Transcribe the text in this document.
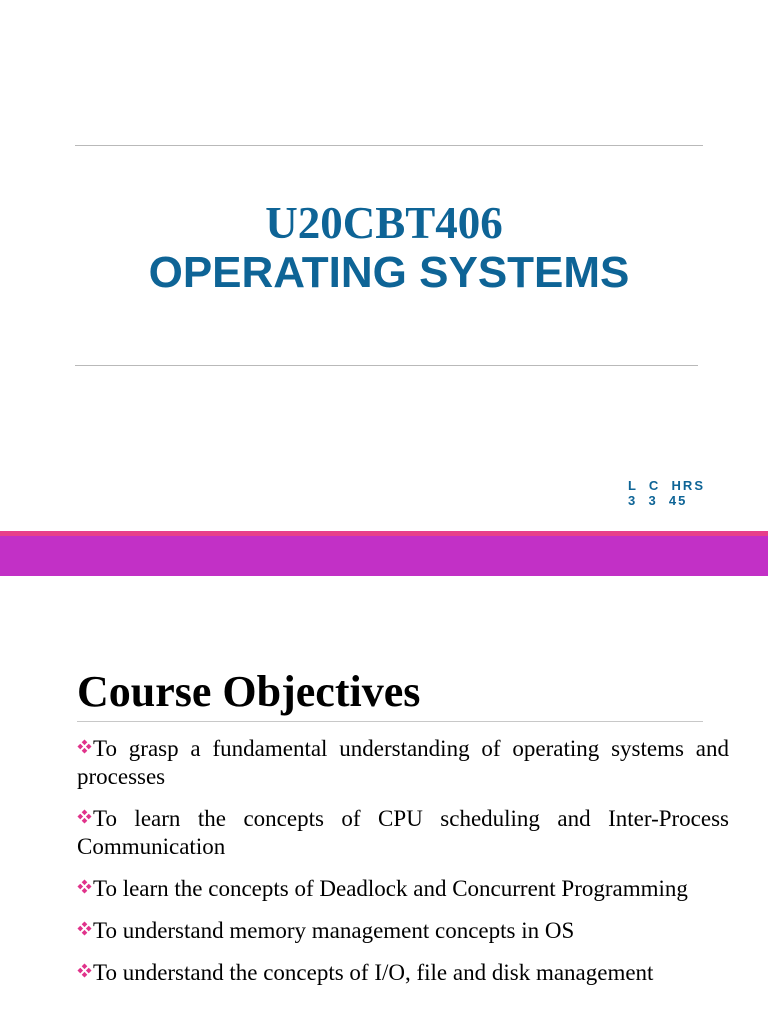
U20CBT406
OPERATING SYSTEMS
L  C  HRS
3  3  45
Course Objectives
To grasp a fundamental understanding of operating systems and processes
To learn the concepts of CPU scheduling and Inter-Process Communication
To learn the concepts of Deadlock and Concurrent Programming
To understand memory management concepts in OS
To understand the concepts of I/O, file and disk management
